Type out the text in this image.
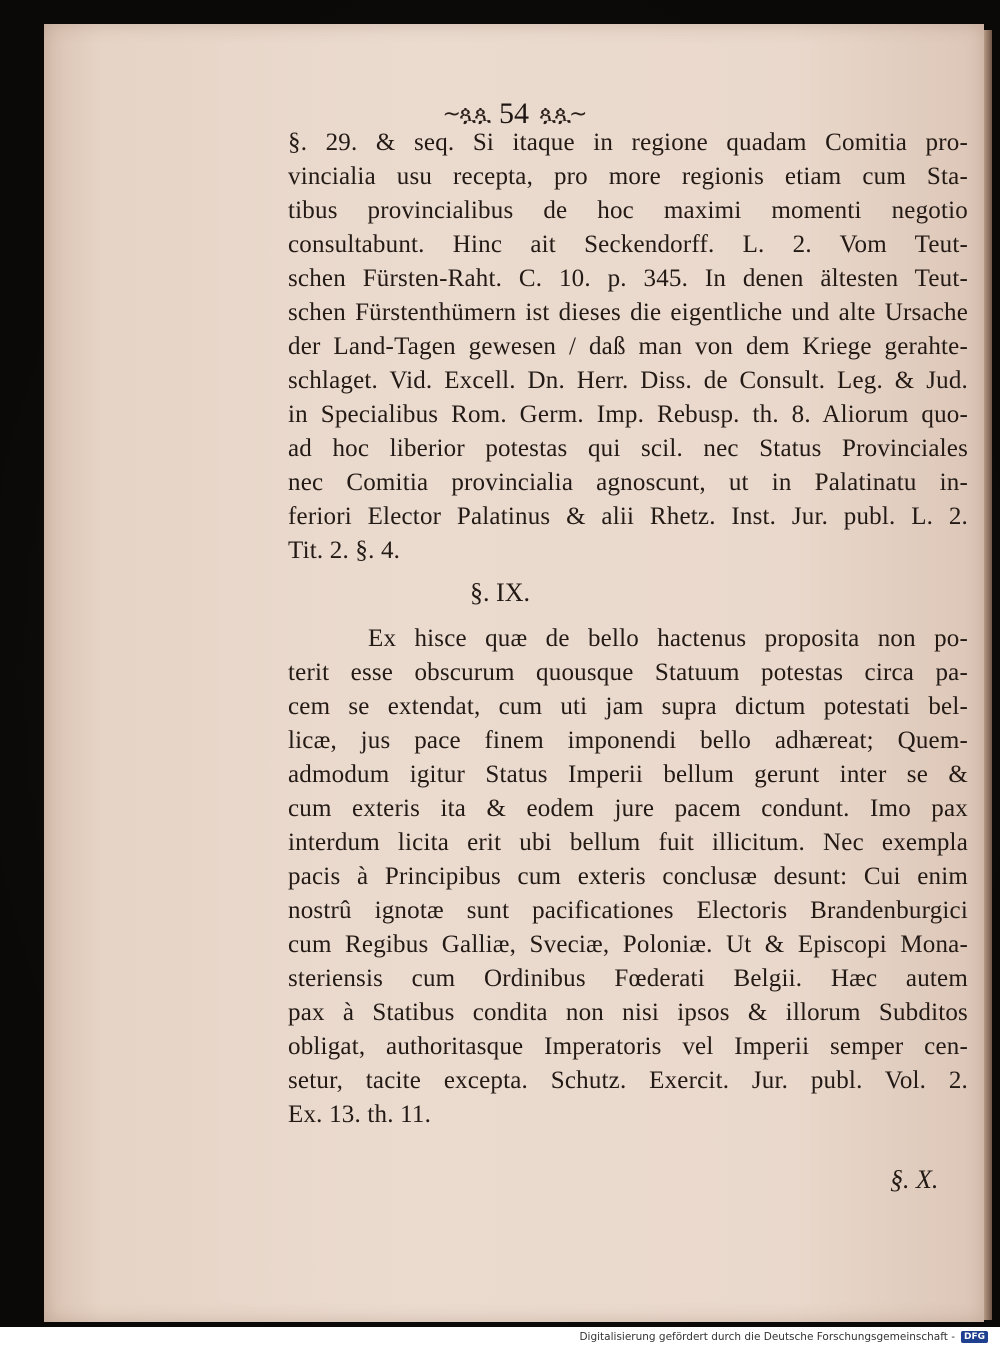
~ጷጷ 54 ጷጷ~
§. 29. & seq. Si itaque in regione quadam Comitia pro-
vincialia usu recepta, pro more regionis etiam cum Sta-
tibus provincialibus de hoc maximi momenti negotio
consultabunt. Hinc ait Seckendorff. L. 2. Vom Teut-
schen Fürsten-Raht. C. 10. p. 345. In denen ältesten Teut-
schen Fürstenthümern ist dieses die eigentliche und alte Ursache
der Land-Tagen gewesen / daß man von dem Kriege gerahte-
schlaget. Vid. Excell. Dn. Herr. Diss. de Consult. Leg. & Jud.
in Specialibus Rom. Germ. Imp. Rebusp. th. 8. Aliorum quo-
ad hoc liberior potestas qui scil. nec Status Provinciales
nec Comitia provincialia agnoscunt, ut in Palatinatu in-
feriori Elector Palatinus & alii Rhetz. Inst. Jur. publ. L. 2.
Tit. 2. §. 4.
§. IX.
Ex hisce quæ de bello hactenus proposita non po-
terit esse obscurum quousque Statuum potestas circa pa-
cem se extendat, cum uti jam supra dictum potestati bel-
licæ, jus pace finem imponendi bello adhæreat; Quem-
admodum igitur Status Imperii bellum gerunt inter se &
cum exteris ita & eodem jure pacem condunt. Imo pax
interdum licita erit ubi bellum fuit illicitum. Nec exempla
pacis à Principibus cum exteris conclusæ desunt: Cui enim
nostrû ignotæ sunt pacificationes Electoris Brandenburgici
cum Regibus Galliæ, Sveciæ, Poloniæ. Ut & Episcopi Mona-
steriensis cum Ordinibus Fœderati Belgii. Hæc autem
pax à Statibus condita non nisi ipsos & illorum Subditos
obligat, authoritasque Imperatoris vel Imperii semper cen-
setur, tacite excepta. Schutz. Exercit. Jur. publ. Vol. 2.
Ex. 13. th. 11.
§. X.
Digitalisierung gefördert durch die Deutsche Forschungsgemeinschaft -	DFG
